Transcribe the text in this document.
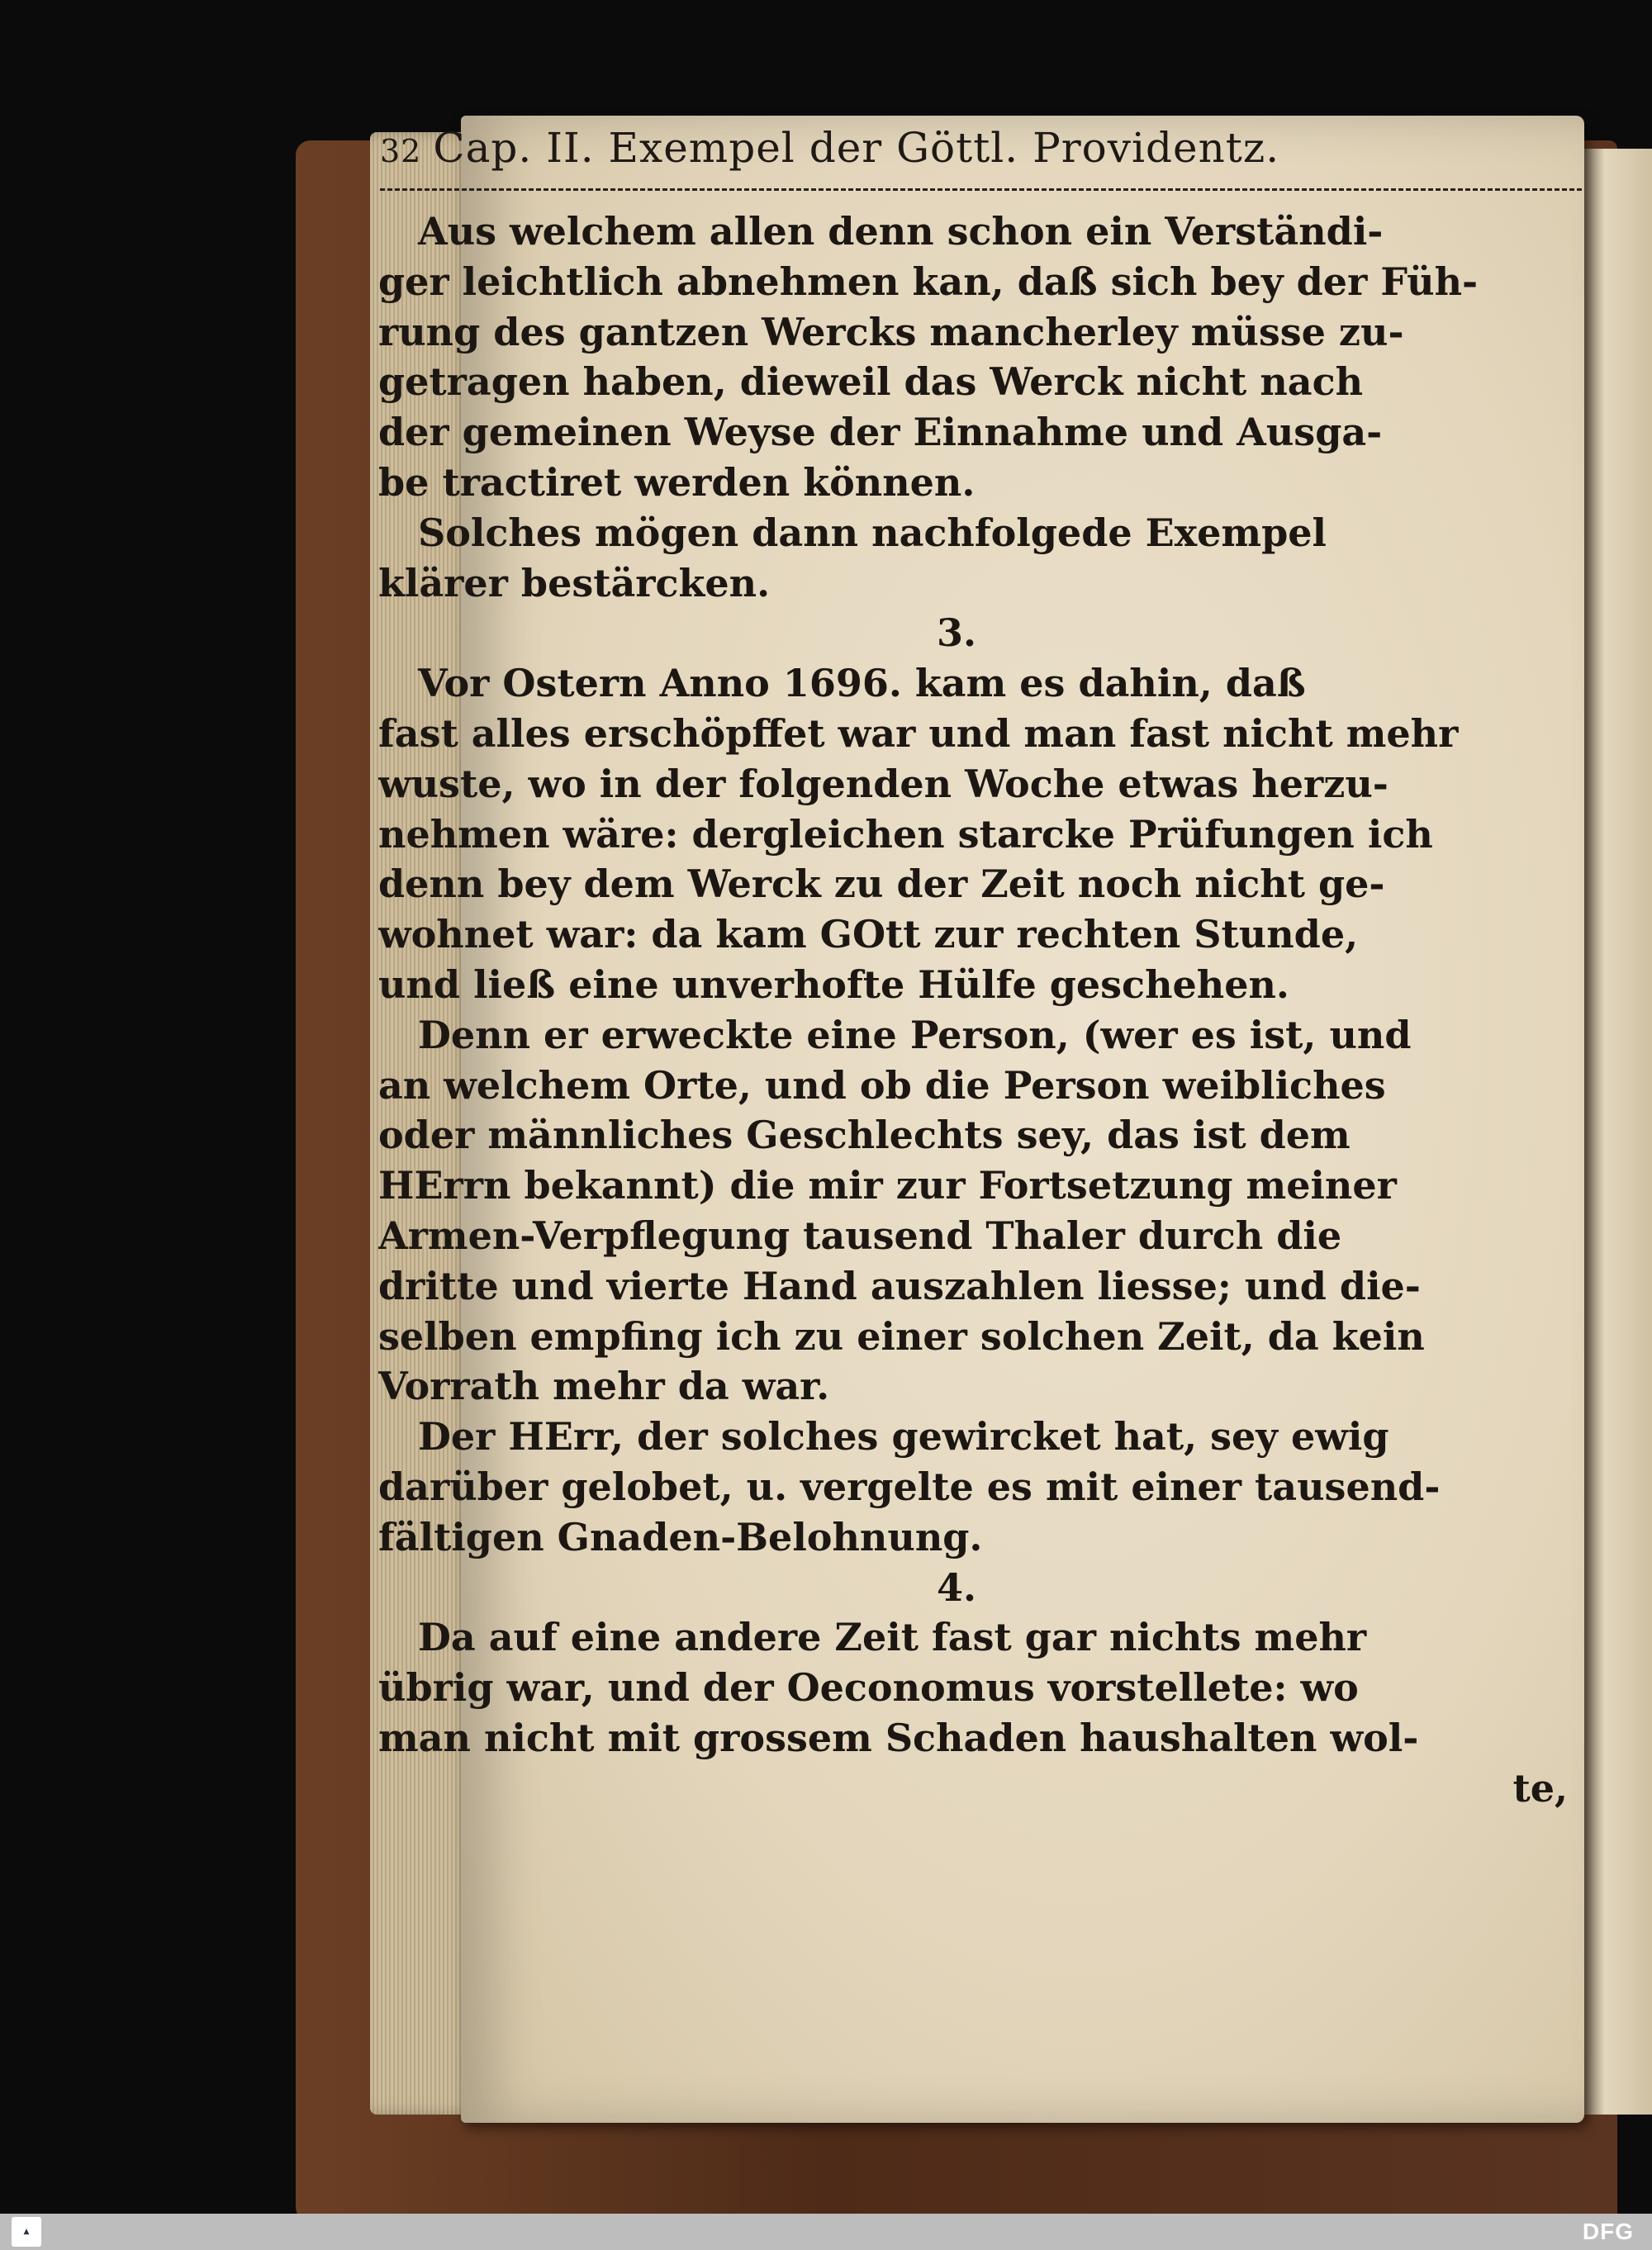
32 Cap. II. Exempel der Göttl. Providentz.
Aus welchem allen denn schon ein Verständi-
ger leichtlich abnehmen kan, daß sich bey der Füh-
rung des gantzen Wercks mancherley müsse zu-
getragen haben, dieweil das Werck nicht nach
der gemeinen Weyse der Einnahme und Ausga-
be tractiret werden können.
Solches mögen dann nachfolgede Exempel
klärer bestärcken.
3.
Vor Ostern Anno 1696. kam es dahin, daß
fast alles erschöpffet war und man fast nicht mehr
wuste, wo in der folgenden Woche etwas herzu-
nehmen wäre: dergleichen starcke Prüfungen ich
denn bey dem Werck zu der Zeit noch nicht ge-
wohnet war: da kam GOtt zur rechten Stunde,
und ließ eine unverhofte Hülfe geschehen.
Denn er erweckte eine Person, (wer es ist, und
an welchem Orte, und ob die Person weibliches
oder männliches Geschlechts sey, das ist dem
HErrn bekannt) die mir zur Fortsetzung meiner
Armen-Verpflegung tausend Thaler durch die
dritte und vierte Hand auszahlen liesse; und die-
selben empfing ich zu einer solchen Zeit, da kein
Vorrath mehr da war.
Der HErr, der solches gewircket hat, sey ewig
darüber gelobet, u. vergelte es mit einer tausend-
fältigen Gnaden-Belohnung.
4.
Da auf eine andere Zeit fast gar nichts mehr
übrig war, und der Oeconomus vorstellete: wo
man nicht mit grossem Schaden haushalten wol-
te,
▲	DFG
